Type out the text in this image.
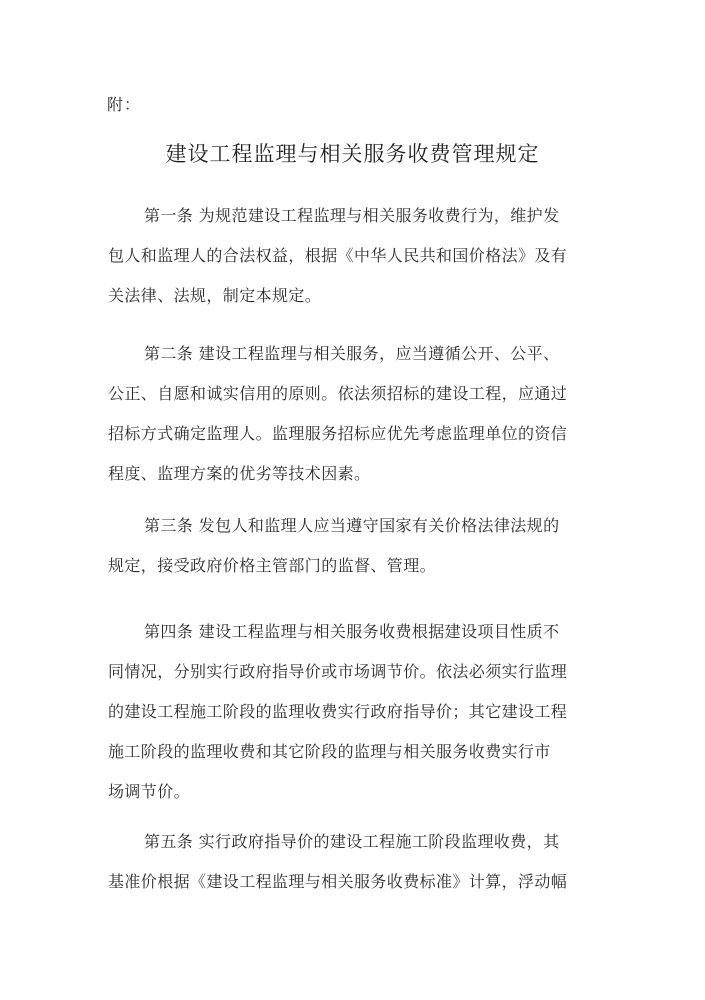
附：
建设工程监理与相关服务收费管理规定
第一条 为规范建设工程监理与相关服务收费行为，维护发
包人和监理人的合法权益，根据《中华人民共和国价格法》及有
关法律、法规，制定本规定。
第二条 建设工程监理与相关服务，应当遵循公开、公平、
公正、自愿和诚实信用的原则。依法须招标的建设工程，应通过
招标方式确定监理人。监理服务招标应优先考虑监理单位的资信
程度、监理方案的优劣等技术因素。
第三条 发包人和监理人应当遵守国家有关价格法律法规的
规定，接受政府价格主管部门的监督、管理。
第四条 建设工程监理与相关服务收费根据建设项目性质不
同情况，分别实行政府指导价或市场调节价。依法必须实行监理
的建设工程施工阶段的监理收费实行政府指导价；其它建设工程
施工阶段的监理收费和其它阶段的监理与相关服务收费实行市
场调节价。
第五条 实行政府指导价的建设工程施工阶段监理收费，其
基准价根据《建设工程监理与相关服务收费标准》计算，浮动幅
